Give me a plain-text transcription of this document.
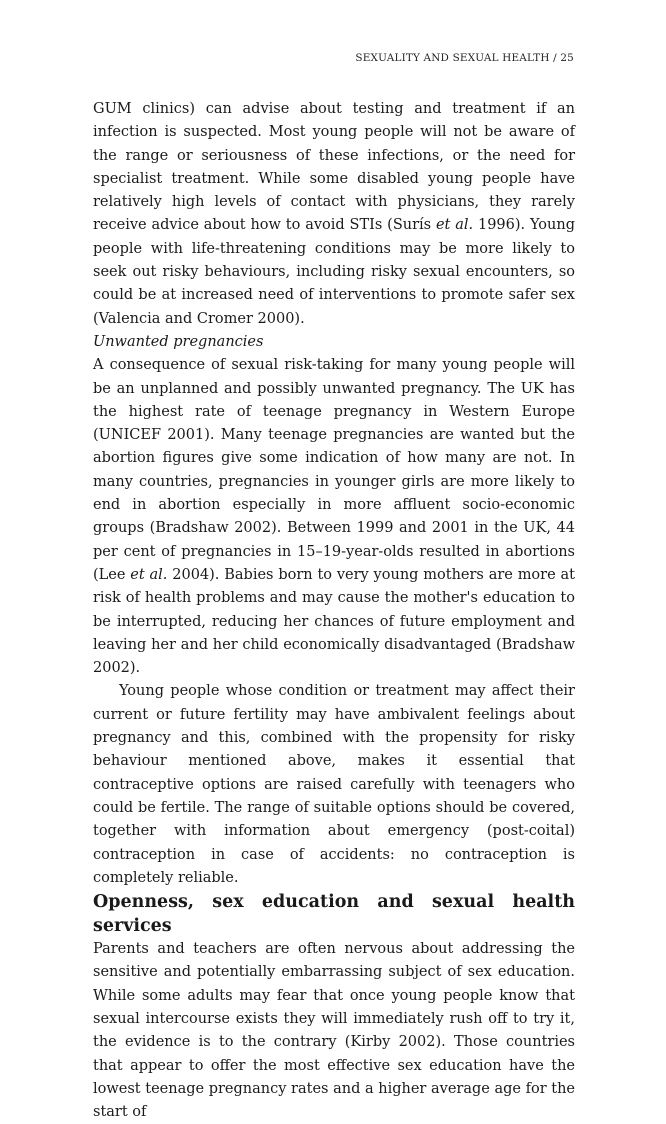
SEXUALITY AND SEXUAL HEALTH / 25

GUM clinics) can advise about testing and treatment if an infection is suspected. Most young people will not be aware of the range or seriousness of these infections, or the need for specialist treatment. While some disabled young people have relatively high levels of contact with physicians, they rarely receive advice about how to avoid STIs (Surís et al. 1996). Young people with life-threatening conditions may be more likely to seek out risky behaviours, including risky sexual encounters, so could be at increased need of interventions to promote safer sex (Valencia and Cromer 2000).

Unwanted pregnancies

A consequence of sexual risk-taking for many young people will be an unplanned and possibly unwanted pregnancy. The UK has the highest rate of teenage pregnancy in Western Europe (UNICEF 2001). Many teenage pregnancies are wanted but the abortion figures give some indication of how many are not. In many countries, pregnancies in younger girls are more likely to end in abortion especially in more affluent socio-economic groups (Bradshaw 2002). Between 1999 and 2001 in the UK, 44 per cent of pregnancies in 15–19-year-olds resulted in abortions (Lee et al. 2004). Babies born to very young mothers are more at risk of health problems and may cause the mother's education to be interrupted, reducing her chances of future employment and leaving her and her child economically disadvantaged (Bradshaw 2002).

Young people whose condition or treatment may affect their current or future fertility may have ambivalent feelings about pregnancy and this, combined with the propensity for risky behaviour mentioned above, makes it essential that contraceptive options are raised carefully with teenagers who could be fertile. The range of suitable options should be covered, together with information about emergency (post-coital) contraception in case of accidents: no contraception is completely reliable.

Openness, sex education and sexual health services

Parents and teachers are often nervous about addressing the sensitive and potentially embarrassing subject of sex education. While some adults may fear that once young people know that sexual intercourse exists they will immediately rush off to try it, the evidence is to the contrary (Kirby 2002). Those countries that appear to offer the most effective sex education have the lowest teenage pregnancy rates and a higher average age for the start of
